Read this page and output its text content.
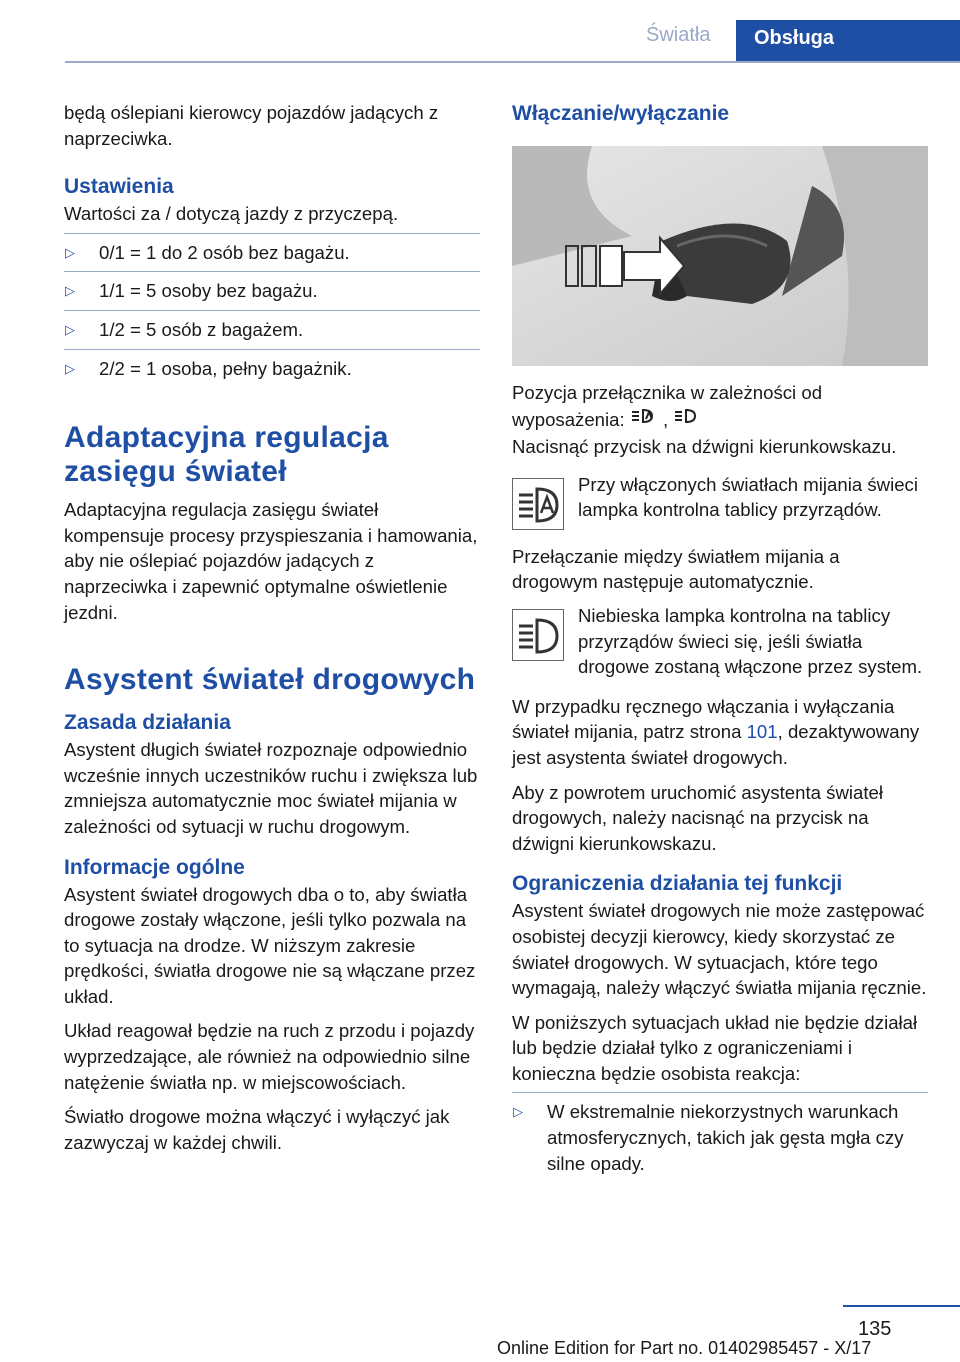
Światła	Obsługa

będą oślepiani kierowcy pojazdów jadących z naprzeciwka.

Ustawienia

Wartości za / dotyczą jazdy z przyczepą.

▷ 0/1 = 1 do 2 osób bez bagażu.
▷ 1/1 = 5 osoby bez bagażu.
▷ 1/2 = 5 osób z bagażem.
▷ 2/2 = 1 osoba, pełny bagażnik.
Adaptacyjna regulacja zasięgu świateł

Adaptacyjna regulacja zasięgu świateł kompensuje procesy przyspieszania i hamowania, aby nie oślepiać pojazdów jadących z naprzeciwka i zapewnić optymalne oświetlenie jezdni.

Asystent świateł drogowych
Zasada działania

Asystent długich świateł rozpoznaje odpowiednio wcześnie innych uczestników ruchu i zwiększa lub zmniejsza automatycznie moc świateł mijania w zależności od sytuacji w ruchu drogowym.

Informacje ogólne

Asystent świateł drogowych dba o to, aby światła drogowe zostały włączone, jeśli tylko pozwala na to sytuacja na drodze. W niższym zakresie prędkości, światła drogowe nie są włączane przez układ.

Układ reagował będzie na ruch z przodu i pojazdy wyprzedzające, ale również na odpowiednio silne natężenie światła np. w miejscowościach.

Światło drogowe można włączyć i wyłączyć jak zazwyczaj w każdej chwili.

Włączanie/wyłączanie

Pozycja przełącznika w zależności od wyposażenia: ,

Nacisnąć przycisk na dźwigni kierunkowskazu.

Przy włączonych światłach mijania świeci lampka kontrolna tablicy przyrządów.

Przełączanie między światłem mijania a drogowym następuje automatycznie.

Niebieska lampka kontrolna na tablicy przyrządów świeci się, jeśli światła drogowe zostaną włączone przez system.

W przypadku ręcznego włączania i wyłączania świateł mijania, patrz strona 101, dezaktywowany jest asystenta świateł drogowych.

Aby z powrotem uruchomić asystenta świateł drogowych, należy nacisnąć na przycisk na dźwigni kierunkowskazu.

Ograniczenia działania tej funkcji

Asystent świateł drogowych nie może zastępować osobistej decyzji kierowcy, kiedy skorzystać ze świateł drogowych. W sytuacjach, które tego wymagają, należy włączyć światła mijania ręcznie.

W poniższych sytuacjach układ nie będzie działał lub będzie działał tylko z ograniczeniami i konieczna będzie osobista reakcja:

▷ W ekstremalnie niekorzystnych warunkach atmosferycznych, takich jak gęsta mgła czy silne opady.
135
Online Edition for Part no. 01402985457 - X/17
